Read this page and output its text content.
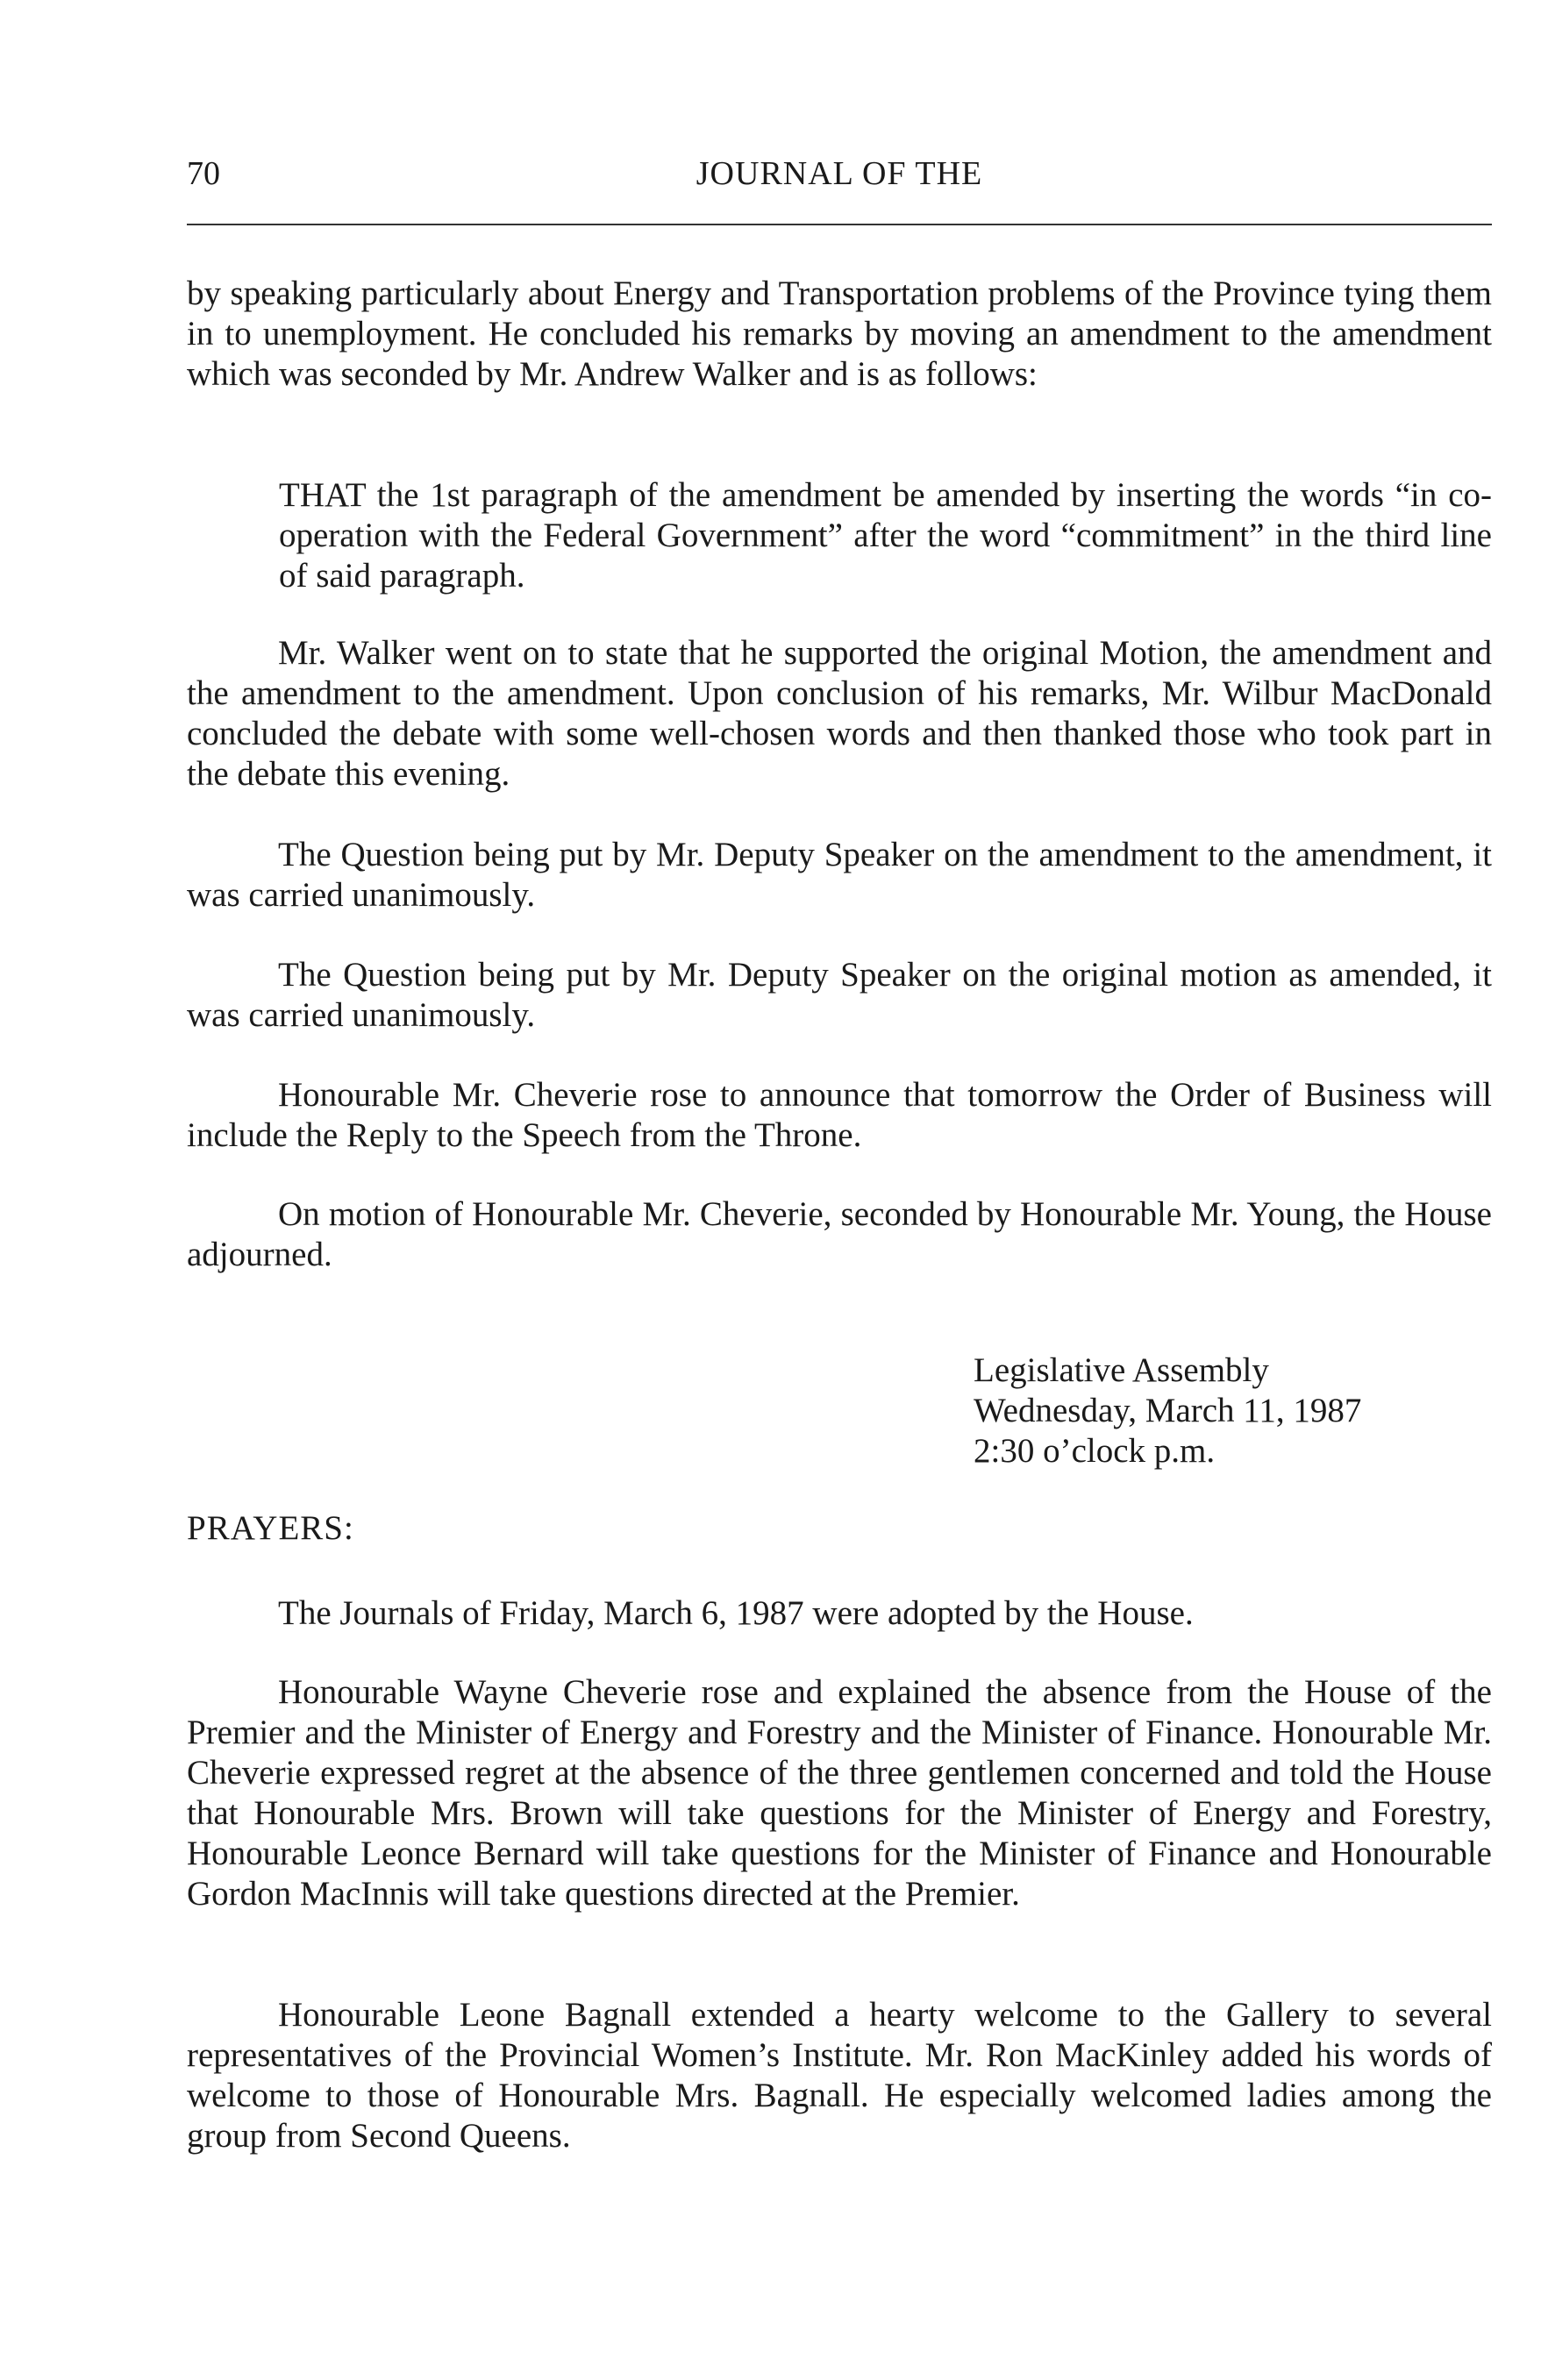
70	JOURNAL OF THE

by speaking particularly about Energy and Transportation problems of the Province tying them in to unemployment. He concluded his remarks by moving an amendment to the amendment which was seconded by Mr. Andrew Walker and is as follows:

THAT the 1st paragraph of the amendment be amended by inserting the words “in co-operation with the Federal Government” after the word “commitment” in the third line of said paragraph.

Mr. Walker went on to state that he supported the original Motion, the amendment and the amendment to the amendment. Upon conclusion of his remarks, Mr. Wilbur MacDonald concluded the debate with some well-chosen words and then thanked those who took part in the debate this evening.

The Question being put by Mr. Deputy Speaker on the amendment to the amendment, it was carried unanimously.

The Question being put by Mr. Deputy Speaker on the original motion as amended, it was carried unanimously.

Honourable Mr. Cheverie rose to announce that tomorrow the Order of Business will include the Reply to the Speech from the Throne.

On motion of Honourable Mr. Cheverie, seconded by Honourable Mr. Young, the House adjourned.

Legislative Assembly
Wednesday, March 11, 1987
2:30 o’clock p.m.
PRAYERS:

The Journals of Friday, March 6, 1987 were adopted by the House.

Honourable Wayne Cheverie rose and explained the absence from the House of the Premier and the Minister of Energy and Forestry and the Minister of Finance. Honourable Mr. Cheverie expressed regret at the absence of the three gentlemen concerned and told the House that Honourable Mrs. Brown will take questions for the Minister of Energy and Forestry, Honourable Leonce Bernard will take questions for the Minister of Finance and Honourable Gordon MacInnis will take questions directed at the Premier.

Honourable Leone Bagnall extended a hearty welcome to the Gallery to several representatives of the Provincial Women’s Institute. Mr. Ron MacKinley added his words of welcome to those of Honourable Mrs. Bagnall. He especially welcomed ladies among the group from Second Queens.
